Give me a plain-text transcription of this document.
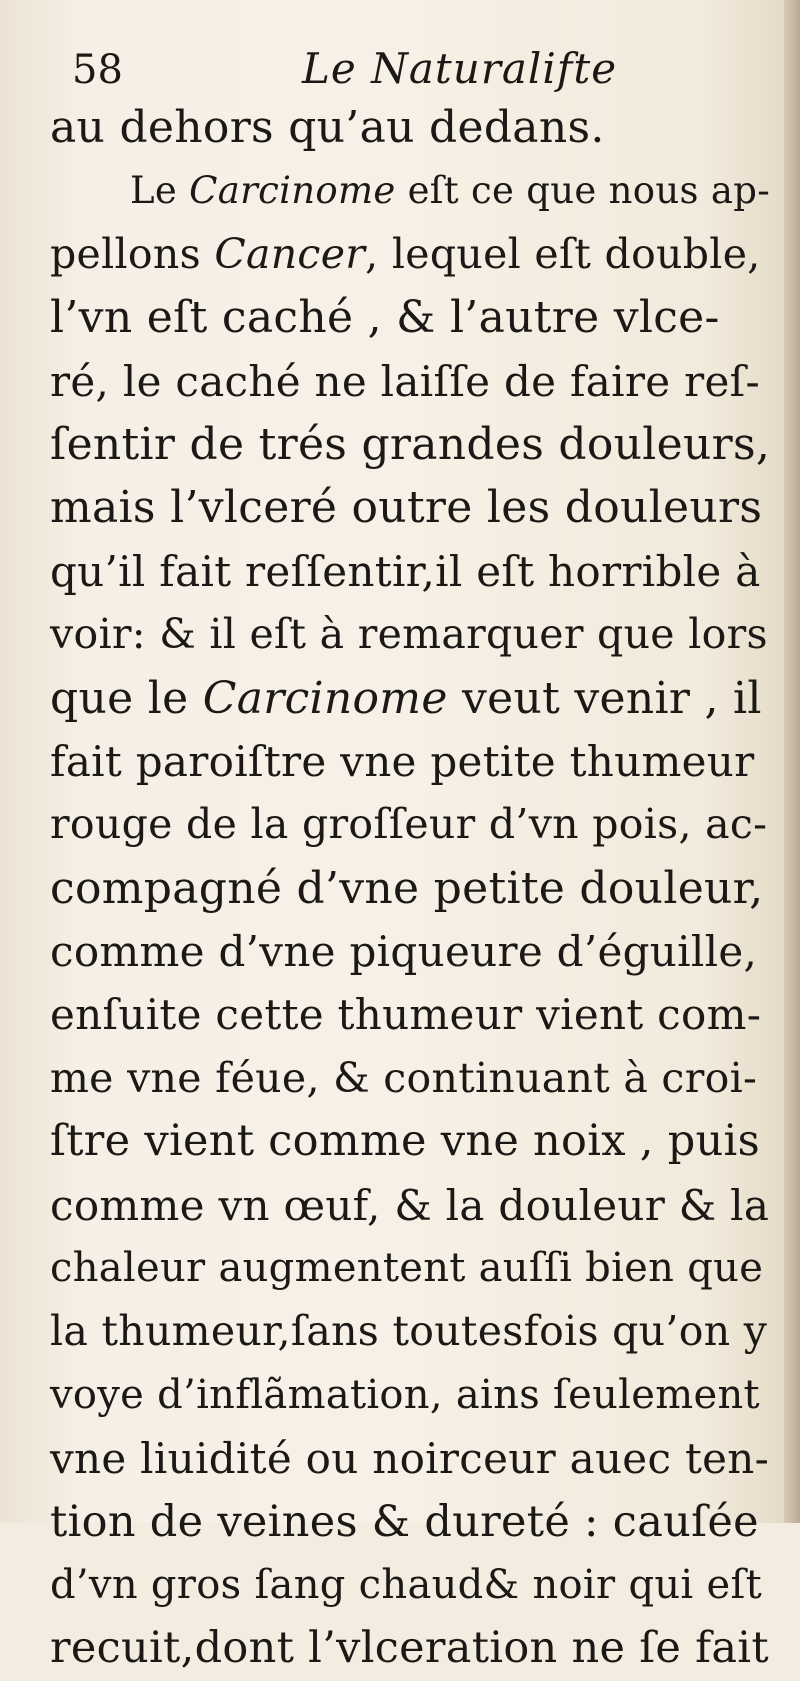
58	Le Naturalifte
au dehors qu’au dedans.
Le Carcinome eſt ce que nous ap-
pellons Cancer, lequel eſt double,
l’vn eſt caché , & l’autre vlce-
ré, le caché ne laiſſe de faire reſ-
ſentir de trés grandes douleurs,
mais l’vlceré outre les douleurs
qu’il fait reſſentir,il eſt horrible à
voir: & il eſt à remarquer que lors
que le Carcinome veut venir , il
fait paroiſtre vne petite thumeur
rouge de la groſſeur d’vn pois, ac-
compagné d’vne petite douleur,
comme d’vne piqueure d’éguille,
enſuite cette thumeur vient com-
me vne féue, & continuant à croi-
ſtre vient comme vne noix , puis
comme vn œuf, & la douleur & la
chaleur augmentent auſſi bien que
la thumeur,ſans toutesfois qu’on y
voye d’inflãmation, ains ſeulement
vne liuidité ou noirceur auec ten-
tion de veines & dureté : cauſée
d’vn gros ſang chaud& noir qui eſt
recuit,dont l’vlceration ne ſe fait
